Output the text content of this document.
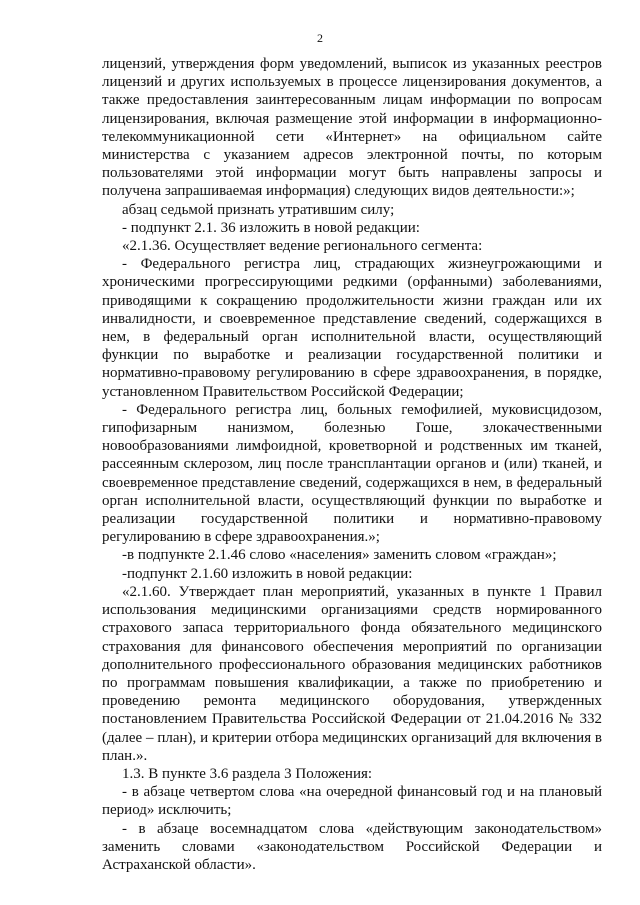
2

лицензий, утверждения форм уведомлений, выписок из указанных реестров лицензий и других используемых в процессе лицензирования документов, а также предоставления заинтересованным лицам информации по вопросам лицензирования, включая размещение этой информации в информационно-телекоммуникационной сети «Интернет» на официальном сайте министерства с указанием адресов электронной почты, по которым пользователями этой информации могут быть направлены запросы и получена запрашиваемая информация) следующих видов деятельности:»;

абзац седьмой признать утратившим силу;

- подпункт 2.1. 36 изложить в новой редакции:

«2.1.36. Осуществляет ведение регионального сегмента:

- Федерального регистра лиц, страдающих жизнеугрожающими и хроническими прогрессирующими редкими (орфанными) заболеваниями, приводящими к сокращению продолжительности жизни граждан или их инвалидности, и своевременное представление сведений, содержащихся в нем, в федеральный орган исполнительной власти, осуществляющий функции по выработке и реализации государственной политики и нормативно-правовому регулированию в сфере здравоохранения, в порядке, установленном Правительством Российской Федерации;

- Федерального регистра лиц, больных гемофилией, муковисцидозом, гипофизарным нанизмом, болезнью Гоше, злокачественными новообразованиями лимфоидной, кроветворной и родственных им тканей, рассеянным склерозом, лиц после трансплантации органов и (или) тканей, и своевременное представление сведений, содержащихся в нем, в федеральный орган исполнительной власти, осуществляющий функции по выработке и реализации государственной политики и нормативно-правовому регулированию в сфере здравоохранения.»;

-в подпункте 2.1.46 слово «населения» заменить словом «граждан»;

-подпункт 2.1.60 изложить в новой редакции:

«2.1.60. Утверждает план мероприятий, указанных в пункте 1 Правил использования медицинскими организациями средств нормированного страхового запаса территориального фонда обязательного медицинского страхования для финансового обеспечения мероприятий по организации дополнительного профессионального образования медицинских работников по программам повышения квалификации, а также по приобретению и проведению ремонта медицинского оборудования, утвержденных постановлением Правительства Российской Федерации от 21.04.2016 № 332 (далее – план), и критерии отбора медицинских организаций для включения в план.».

1.3. В пункте 3.6 раздела 3 Положения:

- в абзаце четвертом слова «на очередной финансовый год и на плановый период» исключить;

- в абзаце восемнадцатом слова «действующим законодательством» заменить словами «законодательством Российской Федерации и Астраханской области».
